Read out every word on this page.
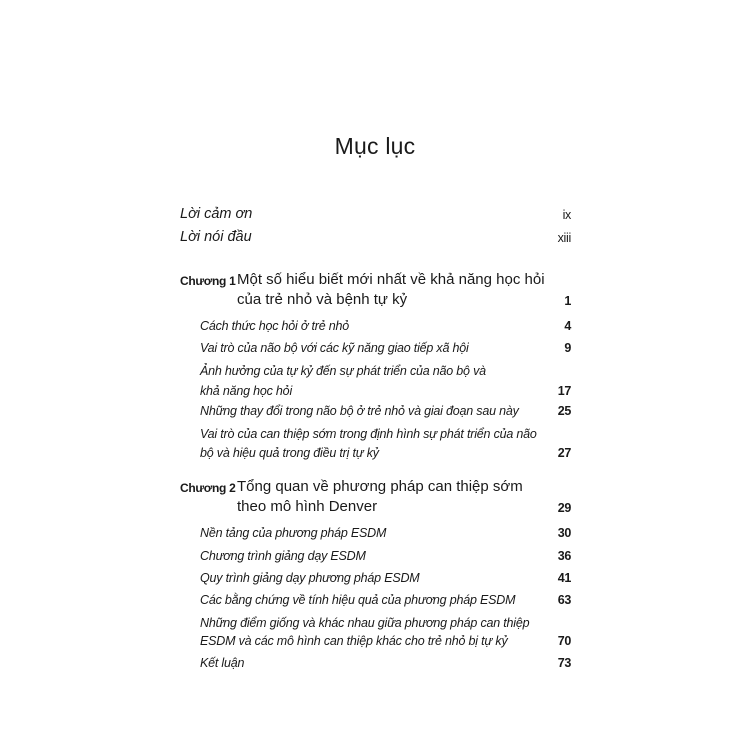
Mục lục
Lời cảm ơn	ix
Lời nói đầu	xiii
Chương 1 Một số hiểu biết mới nhất về khả năng học hỏi
của trẻ nhỏ và bệnh tự kỷ	1
Cách thức học hỏi ở trẻ nhỏ	4
Vai trò của não bộ với các kỹ năng giao tiếp xã hội	9
Ảnh hưởng của tự kỷ đến sự phát triển của não bộ và
khả năng học hỏi	17
Những thay đổi trong não bộ ở trẻ nhỏ và giai đoạn sau này	25
Vai trò của can thiệp sớm trong định hình sự phát triển của não
bộ và hiệu quả trong điều trị tự kỷ	27
Chương 2 Tổng quan về phương pháp can thiệp sớm
theo mô hình Denver	29
Nền tảng của phương pháp ESDM	30
Chương trình giảng dạy ESDM	36
Quy trình giảng dạy phương pháp ESDM	41
Các bằng chứng về tính hiệu quả của phương pháp ESDM	63
Những điểm giống và khác nhau giữa phương pháp can thiệp
ESDM và các mô hình can thiệp khác cho trẻ nhỏ bị tự kỷ	70
Kết luận	73
